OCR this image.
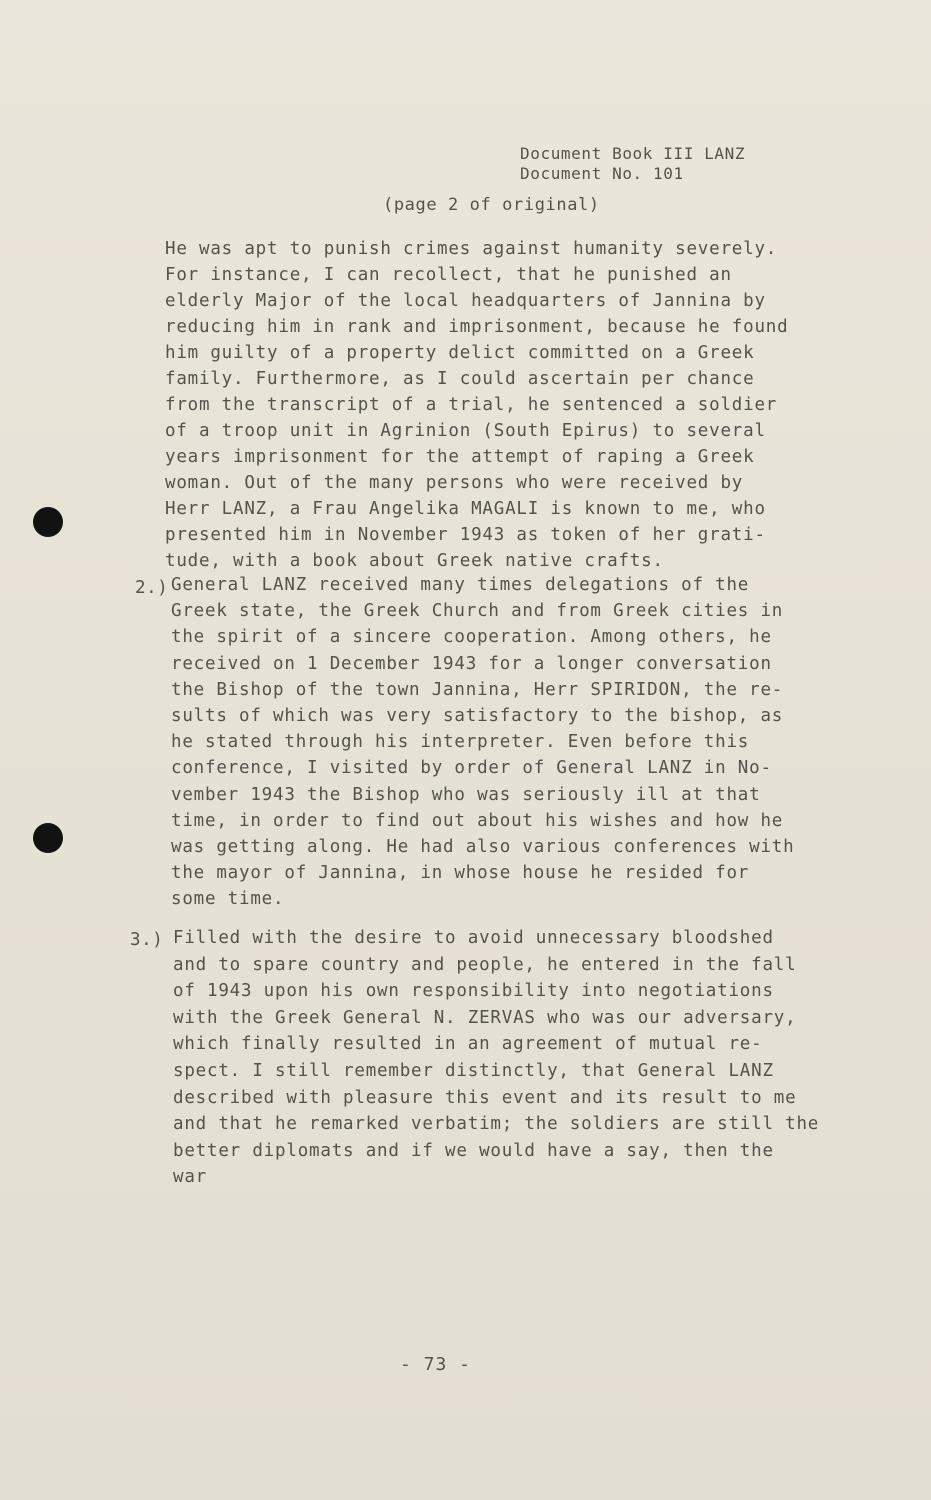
Document Book III LANZ
Document No. 101
(page 2 of original)
He was apt to punish crimes against humanity severely.
For instance, I can recollect, that he punished an
elderly Major of the local headquarters of Jannina by
reducing him in rank and imprisonment, because he found
him guilty of a property delict committed on a Greek
family. Furthermore, as I could ascertain per chance
from the transcript of a trial, he sentenced a soldier
of a troop unit in Agrinion (South Epirus) to several
years imprisonment for the attempt of raping a Greek
woman. Out of the many persons who were received by
Herr LANZ, a Frau Angelika MAGALI is known to me, who
presented him in November 1943 as token of her grati-
tude, with a book about Greek native crafts.
2.) General LANZ received many times delegations of the
Greek state, the Greek Church and from Greek cities in
the spirit of a sincere cooperation. Among others, he
received on 1 December 1943 for a longer conversation
the Bishop of the town Jannina, Herr SPIRIDON, the re-
sults of which was very satisfactory to the bishop, as
he stated through his interpreter. Even before this
conference, I visited by order of General LANZ in No-
vember 1943 the Bishop who was seriously ill at that
time, in order to find out about his wishes and how he
was getting along. He had also various conferences with
the mayor of Jannina, in whose house he resided for
some time.
3.) Filled with the desire to avoid unnecessary bloodshed
and to spare country and people, he entered in the fall
of 1943 upon his own responsibility into negotiations
with the Greek General N. ZERVAS who was our adversary,
which finally resulted in an agreement of mutual re-
spect. I still remember distinctly, that General LANZ
described with pleasure this event and its result to me
and that he remarked verbatim; the soldiers are still the
better diplomats and if we would have a say, then the
war
- 73 -
